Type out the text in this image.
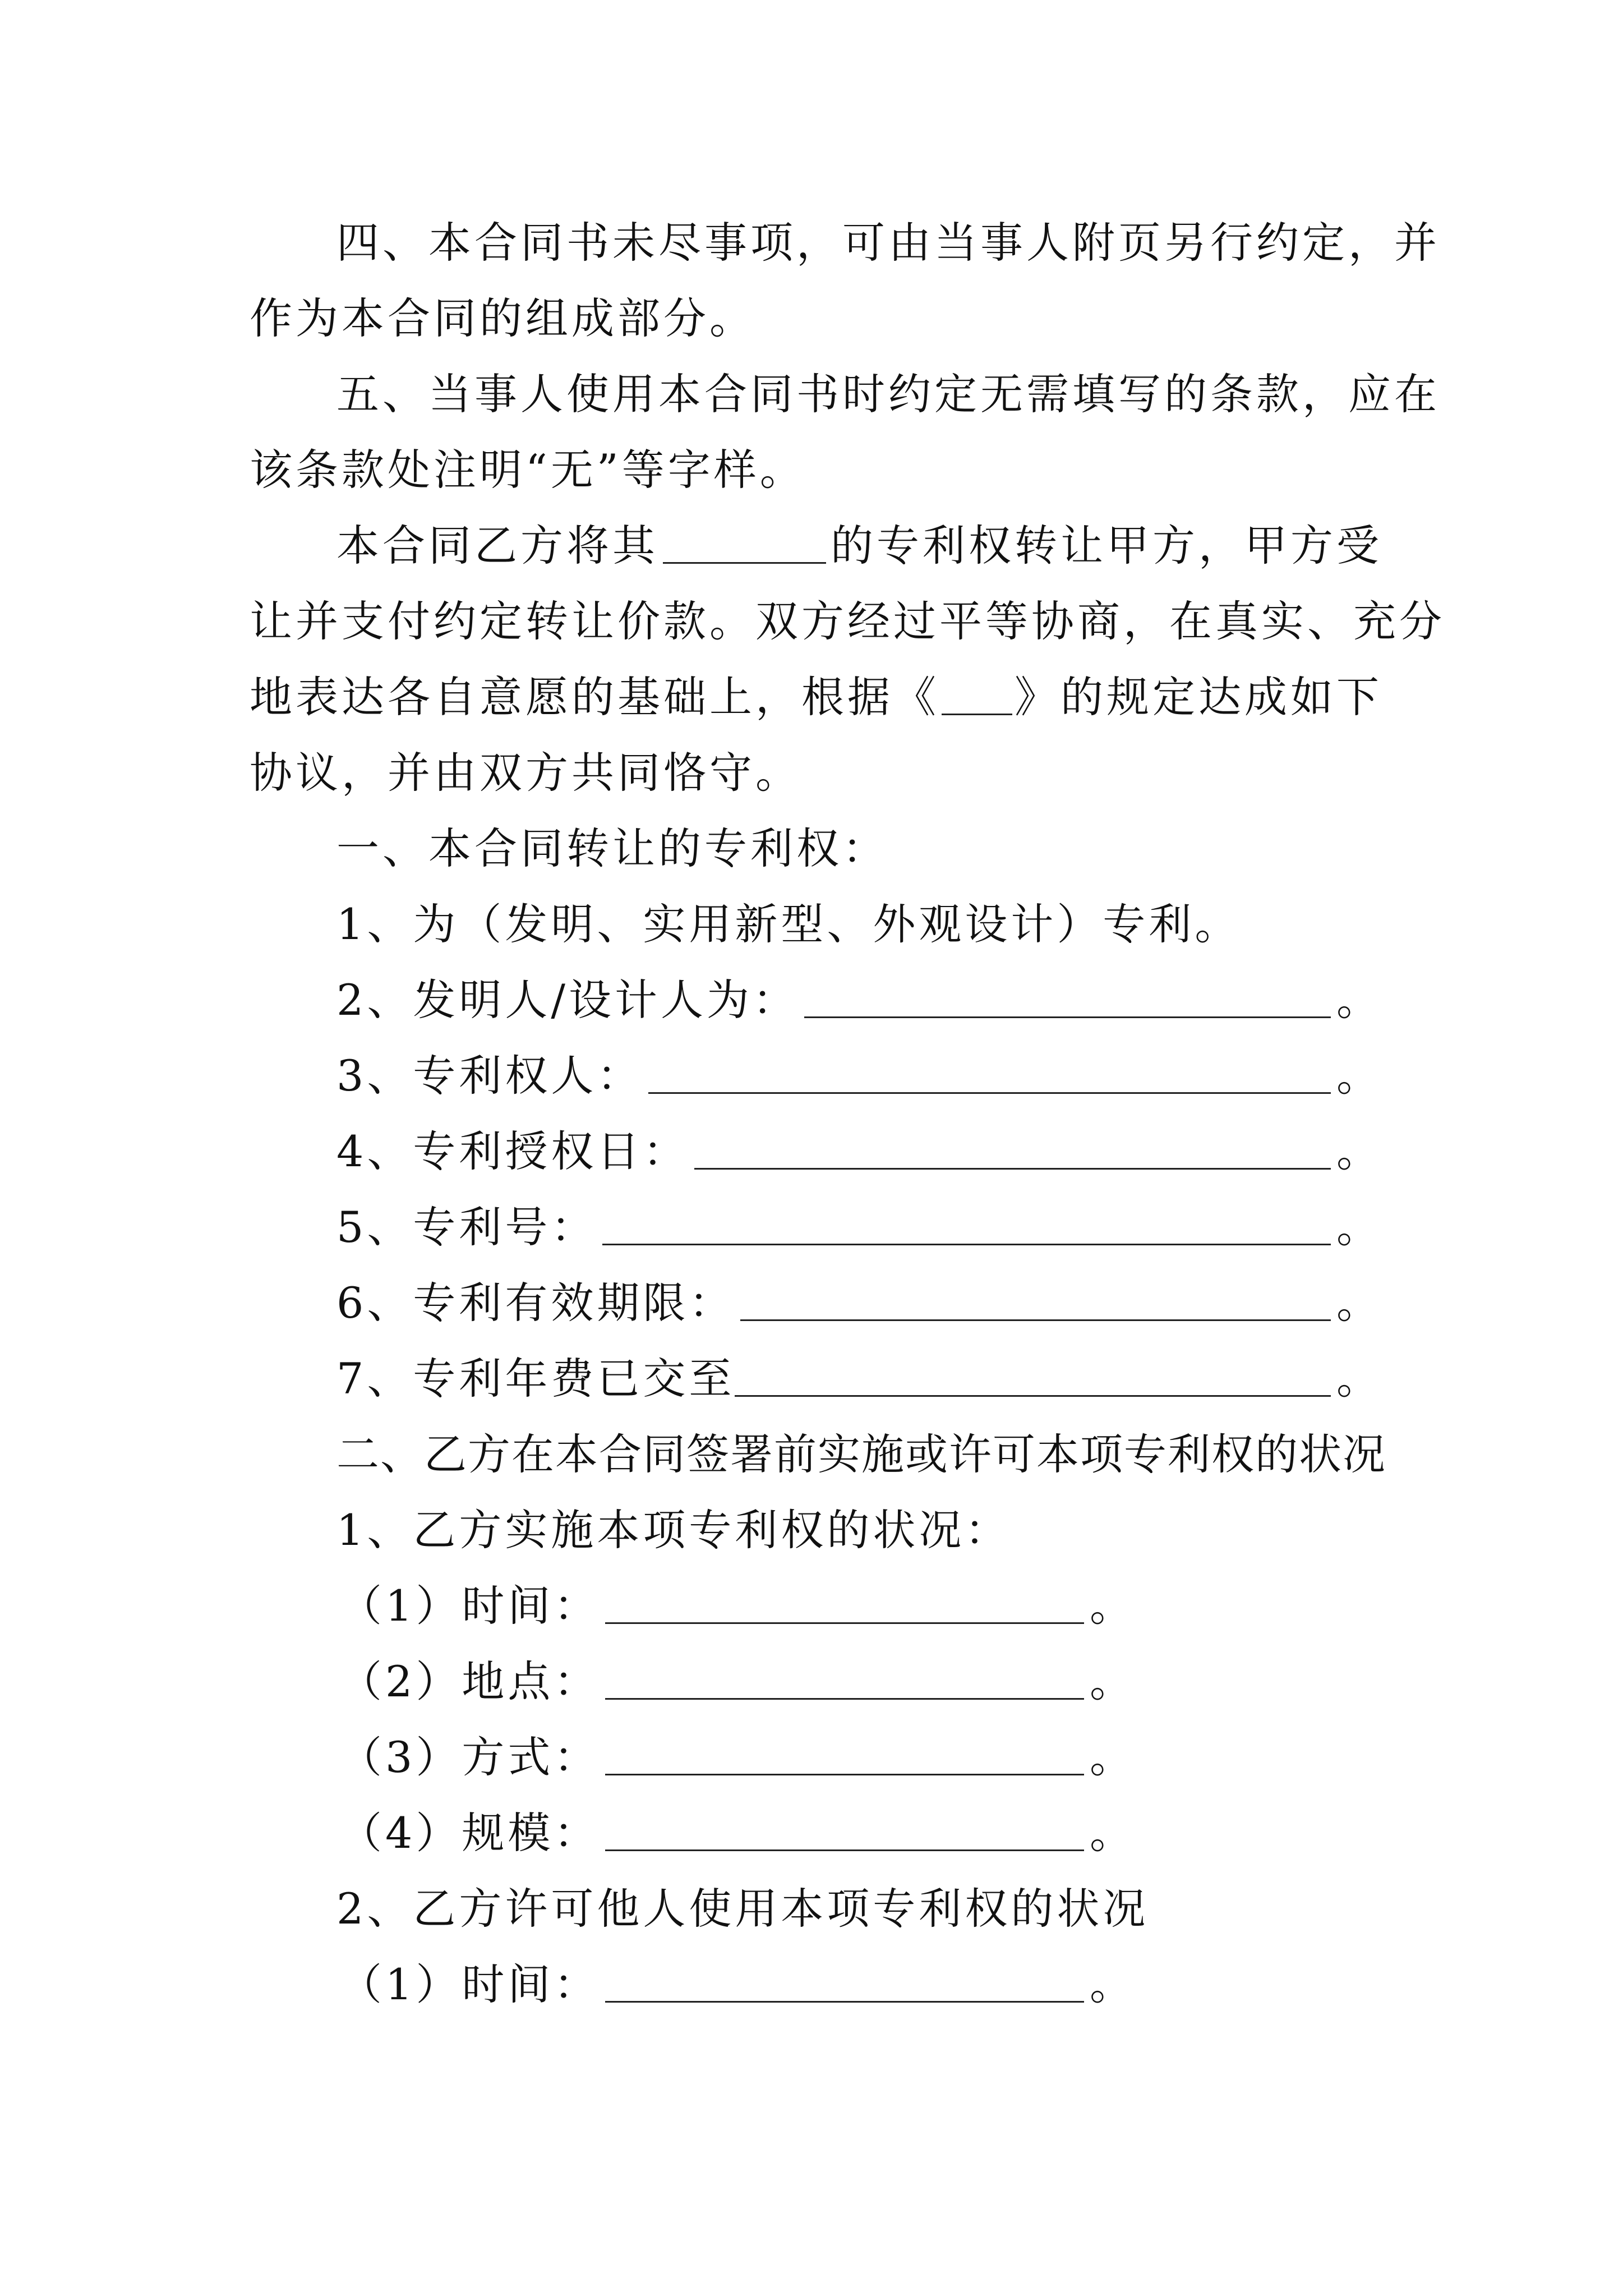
四、本合同书未尽事项，可由当事人附页另行约定，并
作为本合同的组成部分。
五、当事人使用本合同书时约定无需填写的条款，应在
该条款处注明“无”等字样。
本合同乙方将其	的专利权转让甲方，甲方受
让并支付约定转让价款。双方经过平等协商，在真实、充分
地表达各自意愿的基础上，根据《 》的规定达成如下
协议，并由双方共同恪守。
一、本合同转让的专利权：
1、为（发明、实用新型、外观设计）专利。
2、发明人/设计人为：	。
3、专利权人：	。
4、专利授权日：	。
5、专利号：	。
6、专利有效期限：	。
7、专利年费已交至	。
二、乙方在本合同签署前实施或许可本项专利权的状况
1、乙方实施本项专利权的状况：
（1）时间：	。
（2）地点：	。
（3）方式：	。
（4）规模：	。
2、乙方许可他人使用本项专利权的状况
（1）时间：	。
